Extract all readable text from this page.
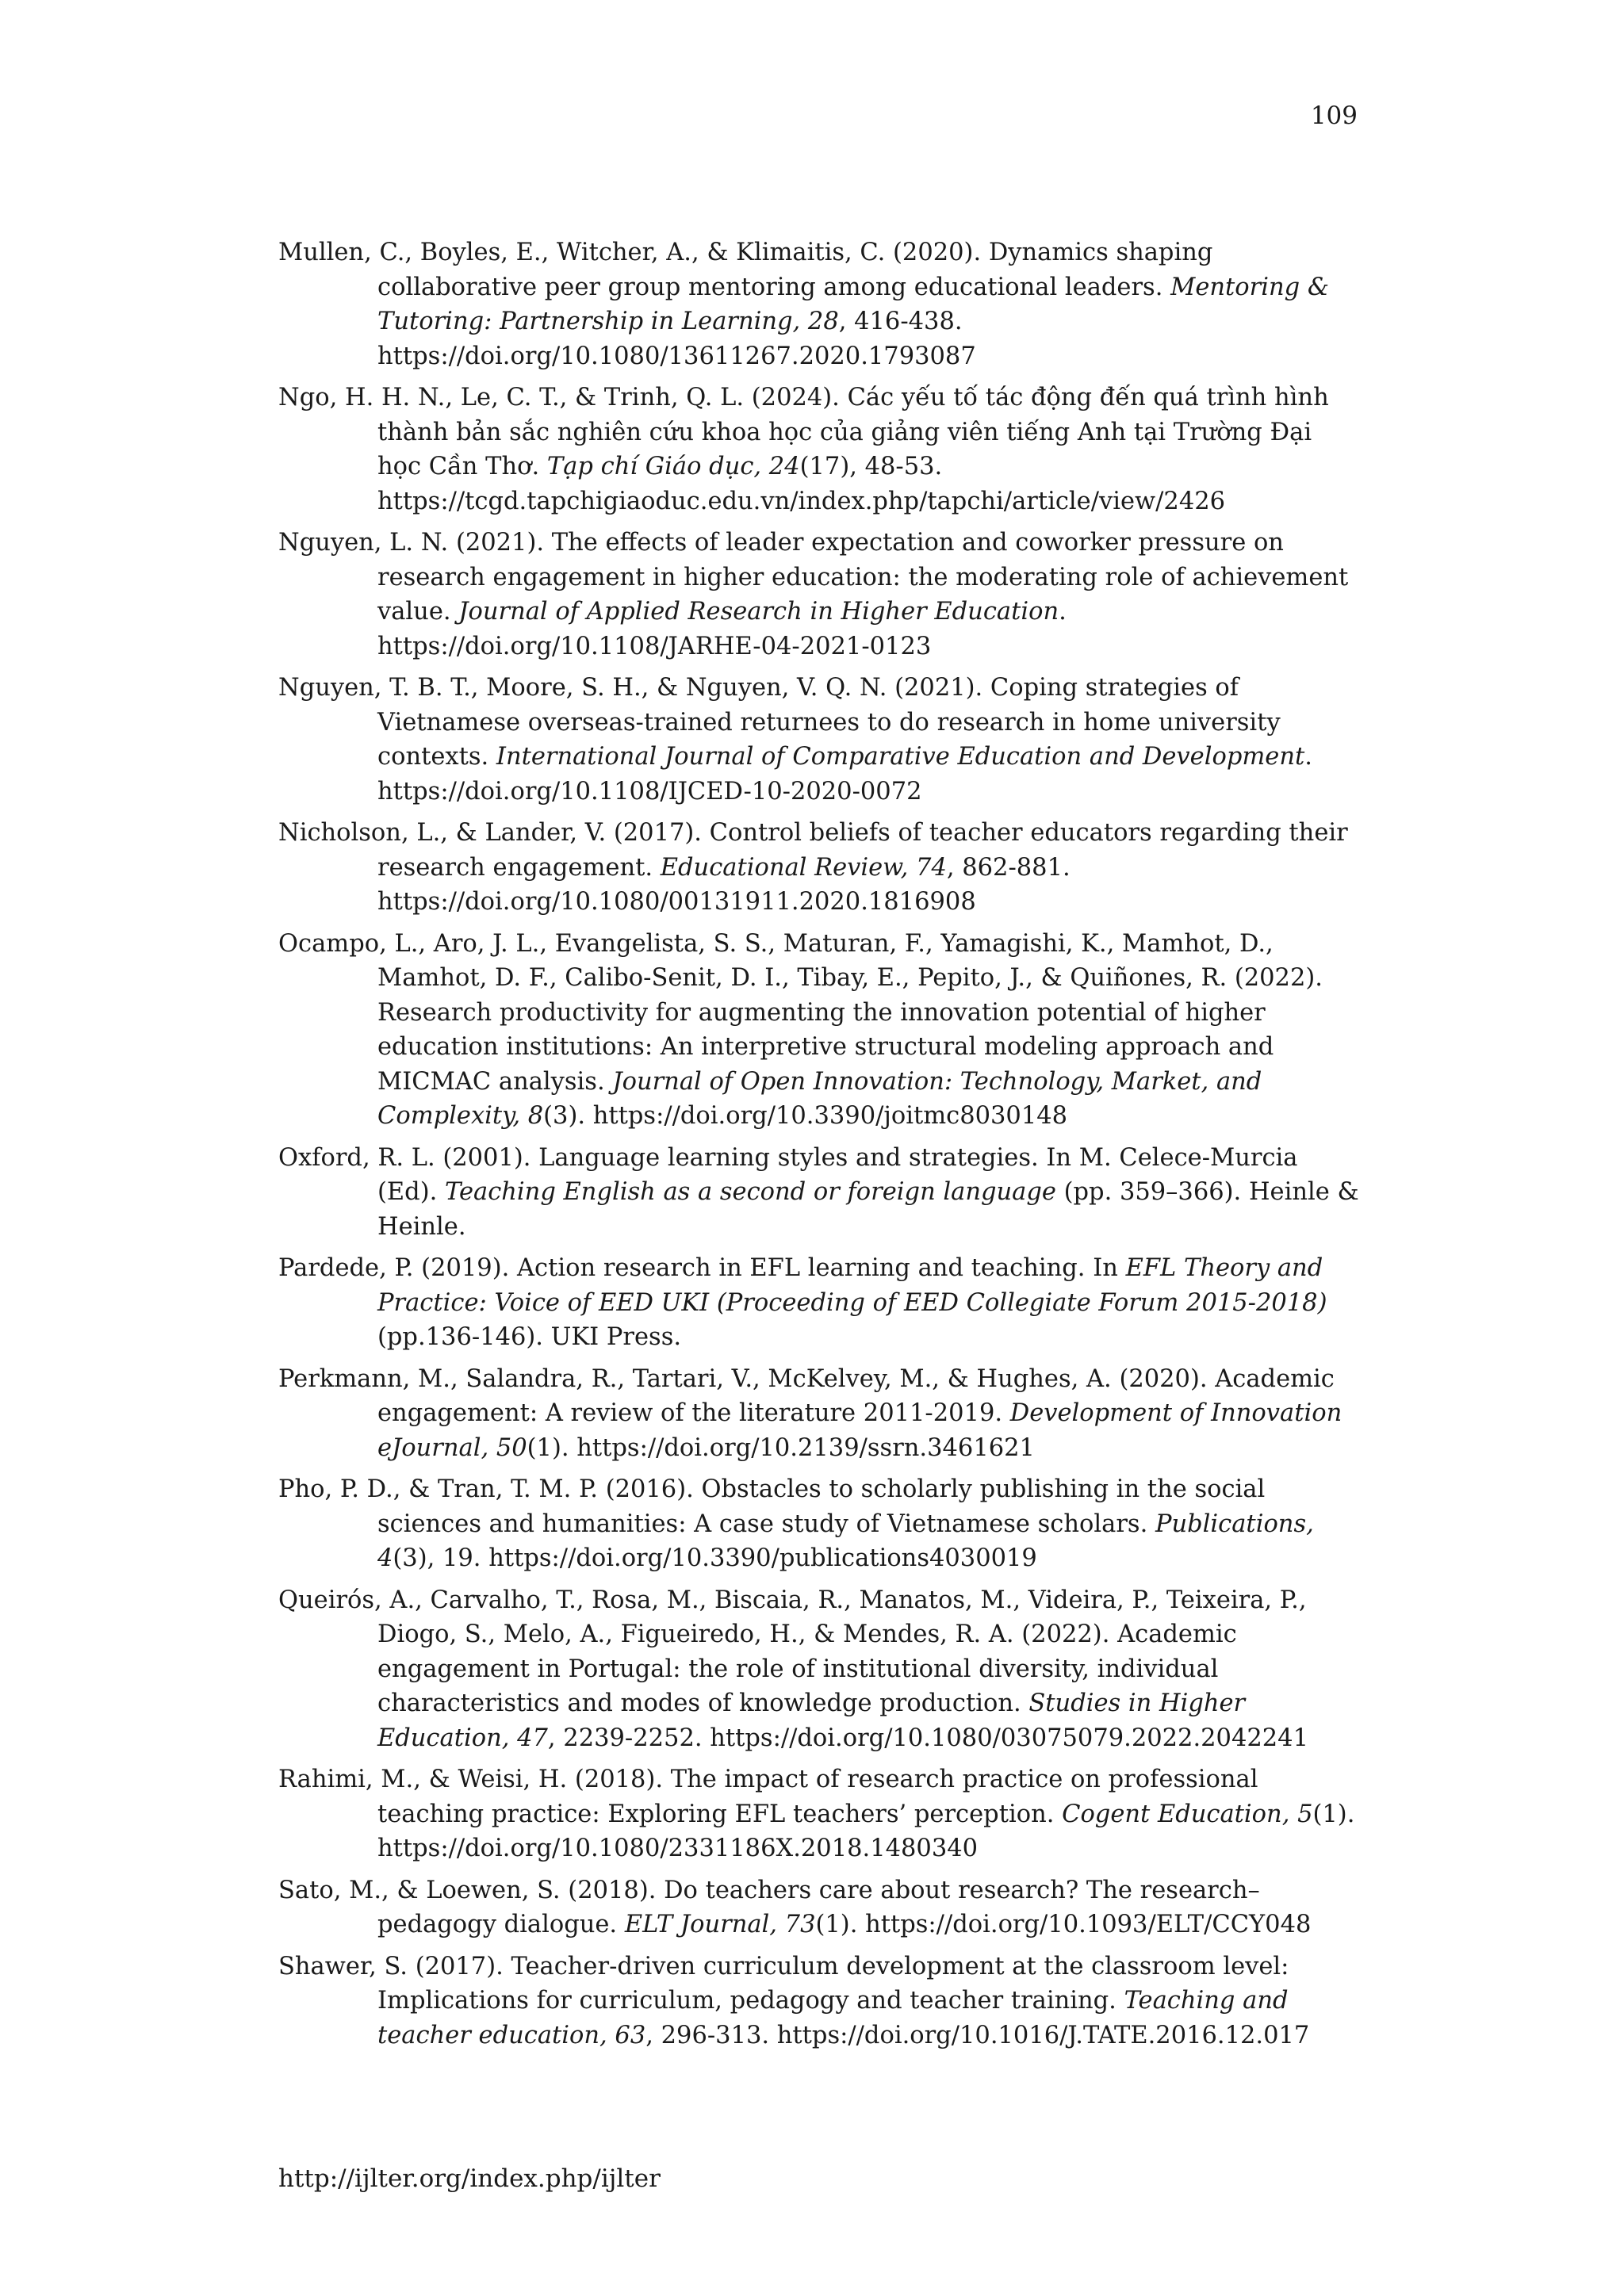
109

Mullen, C., Boyles, E., Witcher, A., & Klimaitis, C. (2020). Dynamics shaping collaborative peer group mentoring among educational leaders. Mentoring & Tutoring: Partnership in Learning, 28, 416-438. https://doi.org/10.1080/13611267.2020.1793087

Ngo, H. H. N., Le, C. T., & Trinh, Q. L. (2024). Các yếu tố tác động đến quá trình hình thành bản sắc nghiên cứu khoa học của giảng viên tiếng Anh tại Trường Đại học Cần Thơ. Tạp chí Giáo dục, 24(17), 48-53. https://tcgd.tapchigiaoduc.edu.vn/index.php/tapchi/article/view/2426

Nguyen, L. N. (2021). The effects of leader expectation and coworker pressure on research engagement in higher education: the moderating role of achievement value. Journal of Applied Research in Higher Education. https://doi.org/10.1108/JARHE-04-2021-0123

Nguyen, T. B. T., Moore, S. H., & Nguyen, V. Q. N. (2021). Coping strategies of Vietnamese overseas-trained returnees to do research in home university contexts. International Journal of Comparative Education and Development. https://doi.org/10.1108/IJCED-10-2020-0072

Nicholson, L., & Lander, V. (2017). Control beliefs of teacher educators regarding their research engagement. Educational Review, 74, 862-881. https://doi.org/10.1080/00131911.2020.1816908

Ocampo, L., Aro, J. L., Evangelista, S. S., Maturan, F., Yamagishi, K., Mamhot, D., Mamhot, D. F., Calibo-Senit, D. I., Tibay, E., Pepito, J., & Quiñones, R. (2022). Research productivity for augmenting the innovation potential of higher education institutions: An interpretive structural modeling approach and MICMAC analysis. Journal of Open Innovation: Technology, Market, and Complexity, 8(3). https://doi.org/10.3390/joitmc8030148

Oxford, R. L. (2001). Language learning styles and strategies. In M. Celece-Murcia (Ed). Teaching English as a second or foreign language (pp. 359–366). Heinle & Heinle.

Pardede, P. (2019). Action research in EFL learning and teaching. In EFL Theory and Practice: Voice of EED UKI (Proceeding of EED Collegiate Forum 2015-2018) (pp.136-146). UKI Press.

Perkmann, M., Salandra, R., Tartari, V., McKelvey, M., & Hughes, A. (2020). Academic engagement: A review of the literature 2011-2019. Development of Innovation eJournal, 50(1). https://doi.org/10.2139/ssrn.3461621

Pho, P. D., & Tran, T. M. P. (2016). Obstacles to scholarly publishing in the social sciences and humanities: A case study of Vietnamese scholars. Publications, 4(3), 19. https://doi.org/10.3390/publications4030019

Queirós, A., Carvalho, T., Rosa, M., Biscaia, R., Manatos, M., Videira, P., Teixeira, P., Diogo, S., Melo, A., Figueiredo, H., & Mendes, R. A. (2022). Academic engagement in Portugal: the role of institutional diversity, individual characteristics and modes of knowledge production. Studies in Higher Education, 47, 2239-2252. https://doi.org/10.1080/03075079.2022.2042241

Rahimi, M., & Weisi, H. (2018). The impact of research practice on professional teaching practice: Exploring EFL teachers’ perception. Cogent Education, 5(1). https://doi.org/10.1080/2331186X.2018.1480340

Sato, M., & Loewen, S. (2018). Do teachers care about research? The research–pedagogy dialogue. ELT Journal, 73(1). https://doi.org/10.1093/ELT/CCY048

Shawer, S. (2017). Teacher-driven curriculum development at the classroom level: Implications for curriculum, pedagogy and teacher training. Teaching and teacher education, 63, 296-313. https://doi.org/10.1016/J.TATE.2016.12.017

http://ijlter.org/index.php/ijlter
